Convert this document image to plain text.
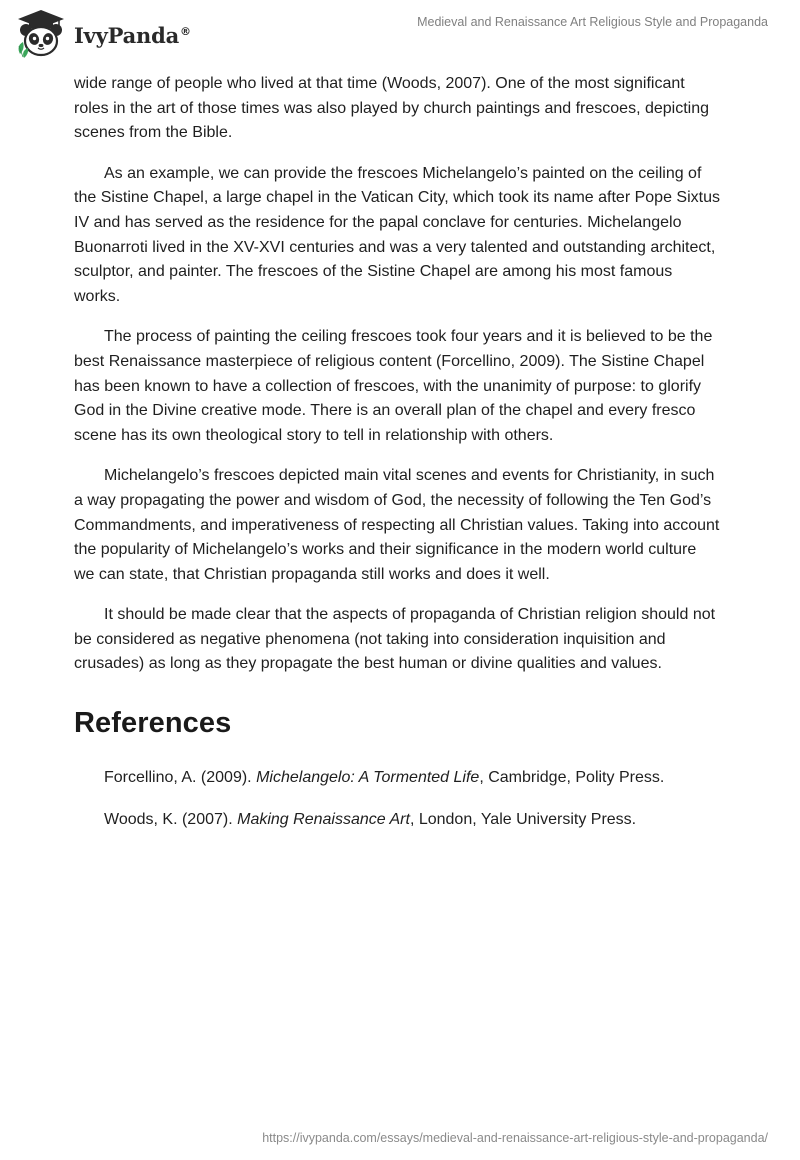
IvyPanda®
Medieval and Renaissance Art Religious Style and Propaganda

wide range of people who lived at that time (Woods, 2007). One of the most significant roles in the art of those times was also played by church paintings and frescoes, depicting scenes from the Bible.

As an example, we can provide the frescoes Michelangelo’s painted on the ceiling of the Sistine Chapel, a large chapel in the Vatican City, which took its name after Pope Sixtus IV and has served as the residence for the papal conclave for centuries. Michelangelo Buonarroti lived in the XV-XVI centuries and was a very talented and outstanding architect, sculptor, and painter. The frescoes of the Sistine Chapel are among his most famous works.

The process of painting the ceiling frescoes took four years and it is believed to be the best Renaissance masterpiece of religious content (Forcellino, 2009). The Sistine Chapel has been known to have a collection of frescoes, with the unanimity of purpose: to glorify God in the Divine creative mode. There is an overall plan of the chapel and every fresco scene has its own theological story to tell in relationship with others.

Michelangelo’s frescoes depicted main vital scenes and events for Christianity, in such a way propagating the power and wisdom of God, the necessity of following the Ten God’s Commandments, and imperativeness of respecting all Christian values. Taking into account the popularity of Michelangelo’s works and their significance in the modern world culture we can state, that Christian propaganda still works and does it well.

It should be made clear that the aspects of propaganda of Christian religion should not be considered as negative phenomena (not taking into consideration inquisition and crusades) as long as they propagate the best human or divine qualities and values.

References

Forcellino, A. (2009). Michelangelo: A Tormented Life, Cambridge, Polity Press.

Woods, K. (2007). Making Renaissance Art, London, Yale University Press.

https://ivypanda.com/essays/medieval-and-renaissance-art-religious-style-and-propaganda/
